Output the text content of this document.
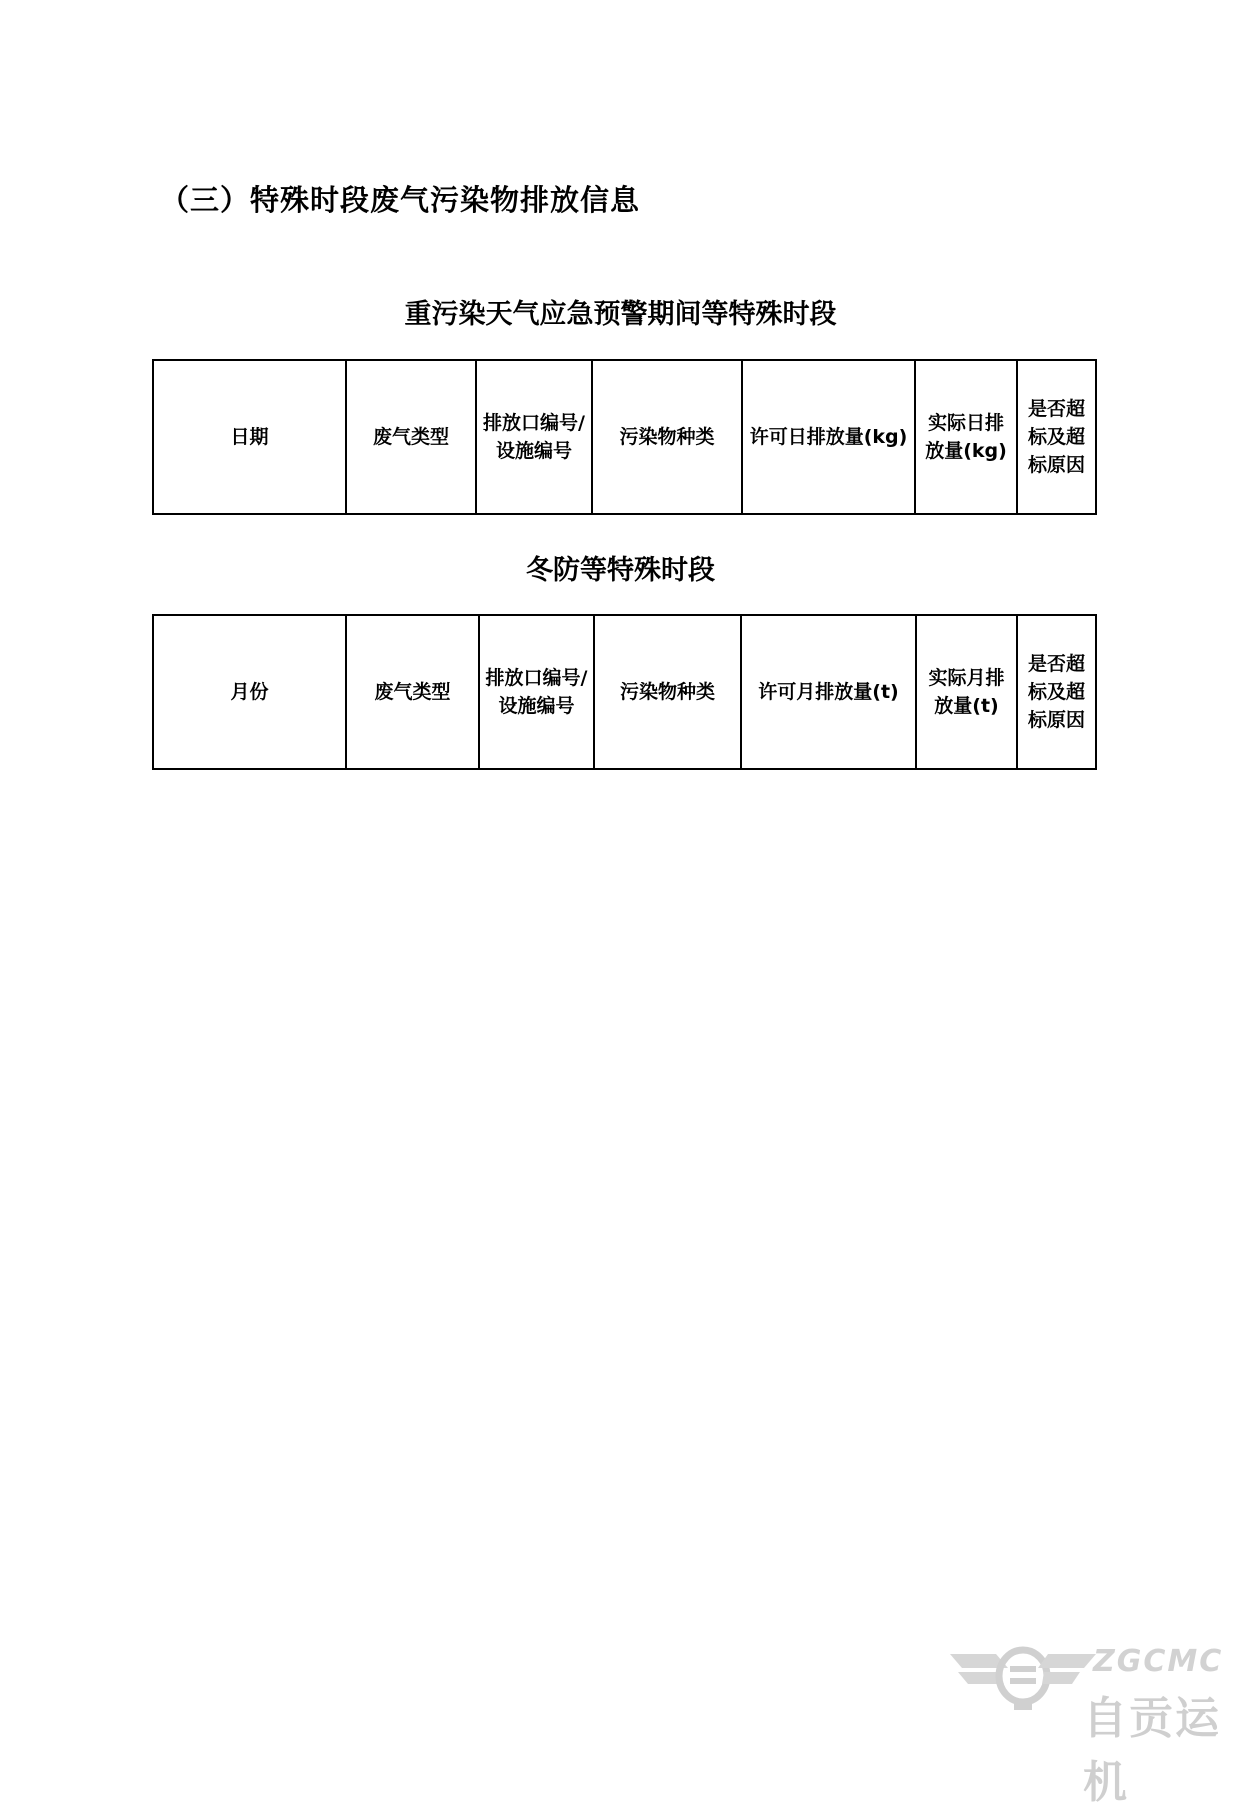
（三）特殊时段废气污染物排放信息
重污染天气应急预警期间等特殊时段
日期	废气类型	排放口编号/设施编号	污染物种类	许可日排放量(kg)	实际日排放量(kg)	是否超标及超标原因
冬防等特殊时段
月份	废气类型	排放口编号/设施编号	污染物种类	许可月排放量(t)	实际月排放量(t)	是否超标及超标原因
ZGCMC
自贡运机
